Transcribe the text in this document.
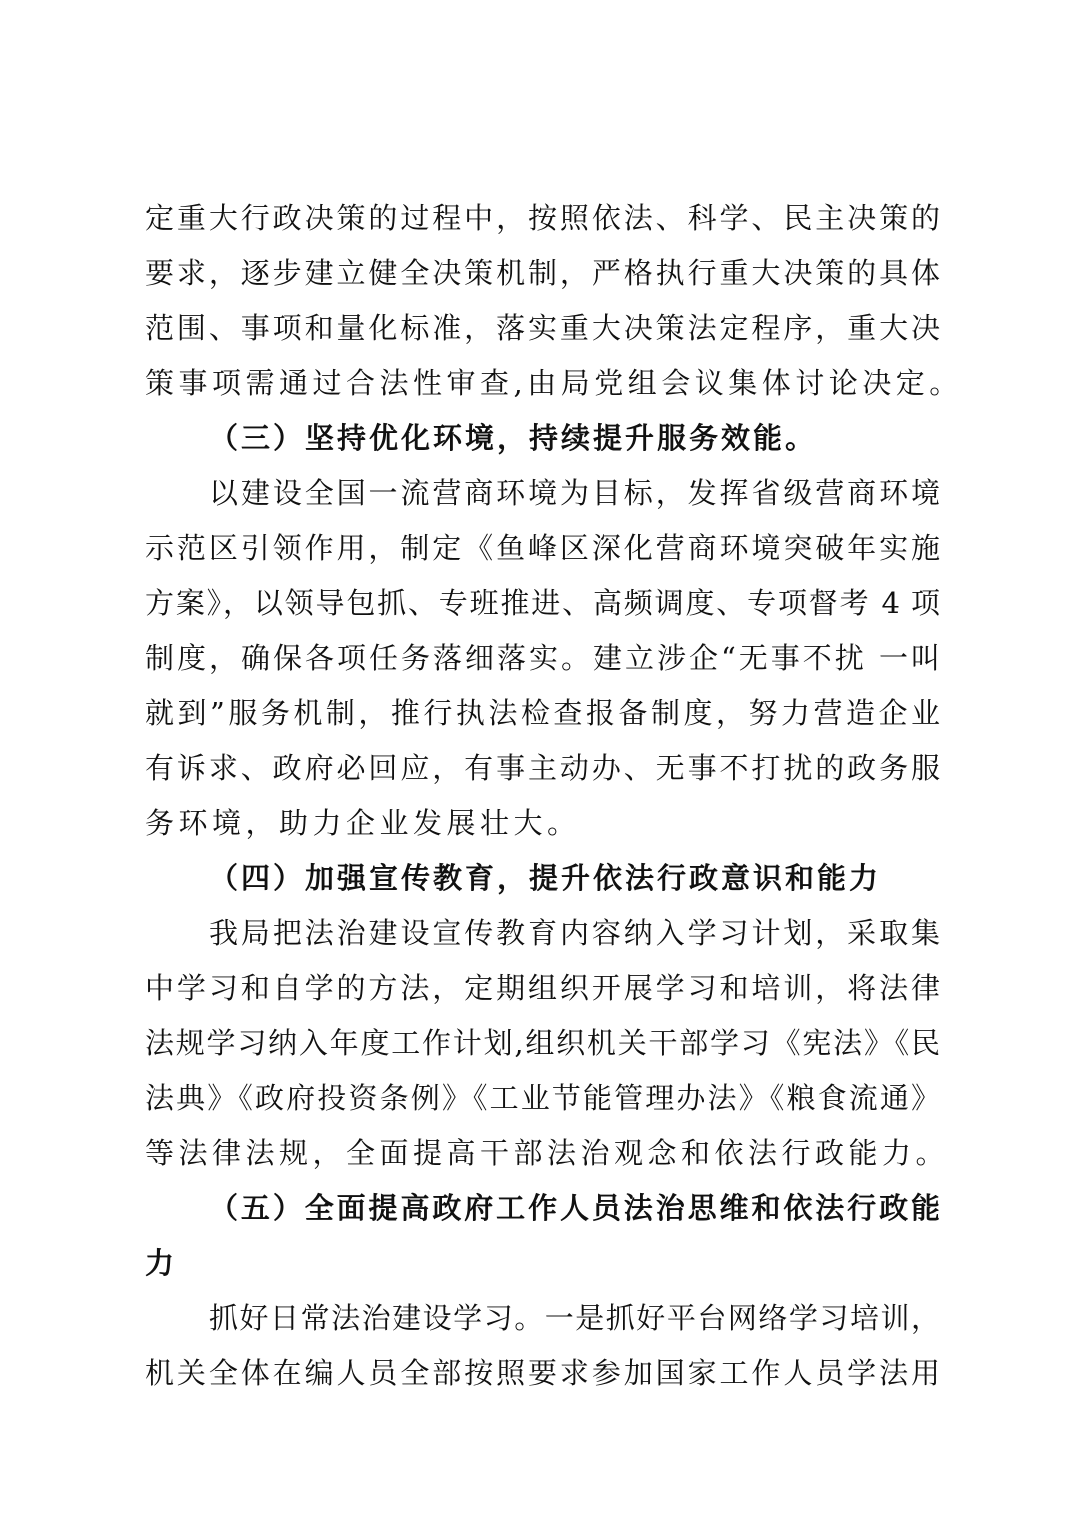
定重大行政决策的过程中，按照依法、科学、民主决策的
要求，逐步建立健全决策机制，严格执行重大决策的具体
范围、事项和量化标准，落实重大决策法定程序，重大决
策事项需通过合法性审查,由局党组会议集体讨论决定。
（三）坚持优化环境，持续提升服务效能。
以建设全国一流营商环境为目标，发挥省级营商环境
示范区引领作用，制定《鱼峰区深化营商环境突破年实施
方案》，以领导包抓、专班推进、高频调度、专项督考 4 项
制度，确保各项任务落细落实。建立涉企“无事不扰 一叫
就到”服务机制，推行执法检查报备制度，努力营造企业
有诉求、政府必回应，有事主动办、无事不打扰的政务服
务环境，助力企业发展壮大。
（四）加强宣传教育，提升依法行政意识和能力
我局把法治建设宣传教育内容纳入学习计划，采取集
中学习和自学的方法，定期组织开展学习和培训，将法律
法规学习纳入年度工作计划,组织机关干部学习《宪法》《民
法典》《政府投资条例》《工业节能管理办法》《粮食流通》
等法律法规，全面提高干部法治观念和依法行政能力。
（五）全面提高政府工作人员法治思维和依法行政能
力
抓好日常法治建设学习。一是抓好平台网络学习培训，
机关全体在编人员全部按照要求参加国家工作人员学法用
